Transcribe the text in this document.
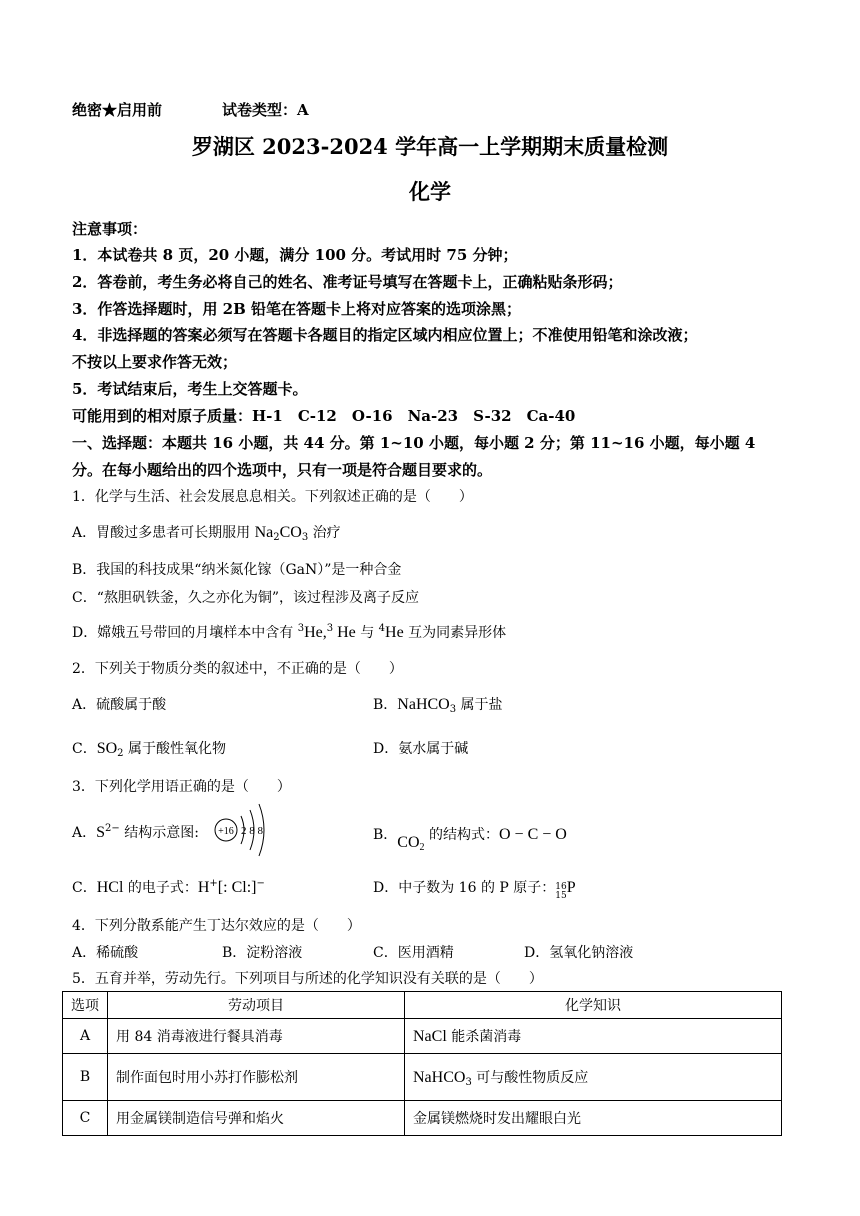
绝密★启用前	试卷类型：A
罗湖区 2023-2024 学年高一上学期期末质量检测
化学
注意事项：
1．本试卷共 8 页，20 小题，满分 100 分。考试用时 75 分钟；
2．答卷前，考生务必将自己的姓名、准考证号填写在答题卡上，正确粘贴条形码；
3．作答选择题时，用 2B 铅笔在答题卡上将对应答案的选项涂黑；
4．非选择题的答案必须写在答题卡各题目的指定区域内相应位置上；不准使用铅笔和涂改液；
不按以上要求作答无效；
5．考试结束后，考生上交答题卡。
可能用到的相对原子质量：H-1　C-12　O-16　Na-23　S-32　Ca-40
一、选择题：本题共 16 小题，共 44 分。第 1~10 小题，每小题 2 分；第 11~16 小题，每小题 4
分。在每小题给出的四个选项中，只有一项是符合题目要求的。
1．化学与生活、社会发展息息相关。下列叙述正确的是（　　）
A．胃酸过多患者可长期服用 $Na_2CO_3$ 治疗
B．我国的科技成果“纳米氮化镓（GaN）”是一种合金
C．“熬胆矾铁釜，久之亦化为铜”，该过程涉及离子反应
D．嫦娥五号带回的月壤样本中含有 $^3$He,$^3$ He 与 $^4$He 互为同素异形体
2．下列关于物质分类的叙述中，不正确的是（　　）
A．硫酸属于酸	B．NaHCO$_3$ 属于盐
C．$SO_2$ 属于酸性氧化物	D．氨水属于碱
3．下列化学用语正确的是（　　）
A．$S^{2-}$ 结构示意图: +16 2 8 8	B．$CO_2$ 的结构式：O − C − O
C．HCl 的电子式：H+[: Cl:]−	D．中子数为 16 的 P 原子：16
15P
4．下列分散系能产生丁达尔效应的是（　　）
A．稀硫酸	B．淀粉溶液	C．医用酒精	D．氢氧化钠溶液
5．五育并举，劳动先行。下列项目与所述的化学知识没有关联的是（　　）
选项	劳动项目	化学知识
A	用 84 消毒液进行餐具消毒	NaCl 能杀菌消毒
B	制作面包时用小苏打作膨松剂	NaHCO$_3$ 可与酸性物质反应
C	用金属镁制造信号弹和焰火	金属镁燃烧时发出耀眼白光
